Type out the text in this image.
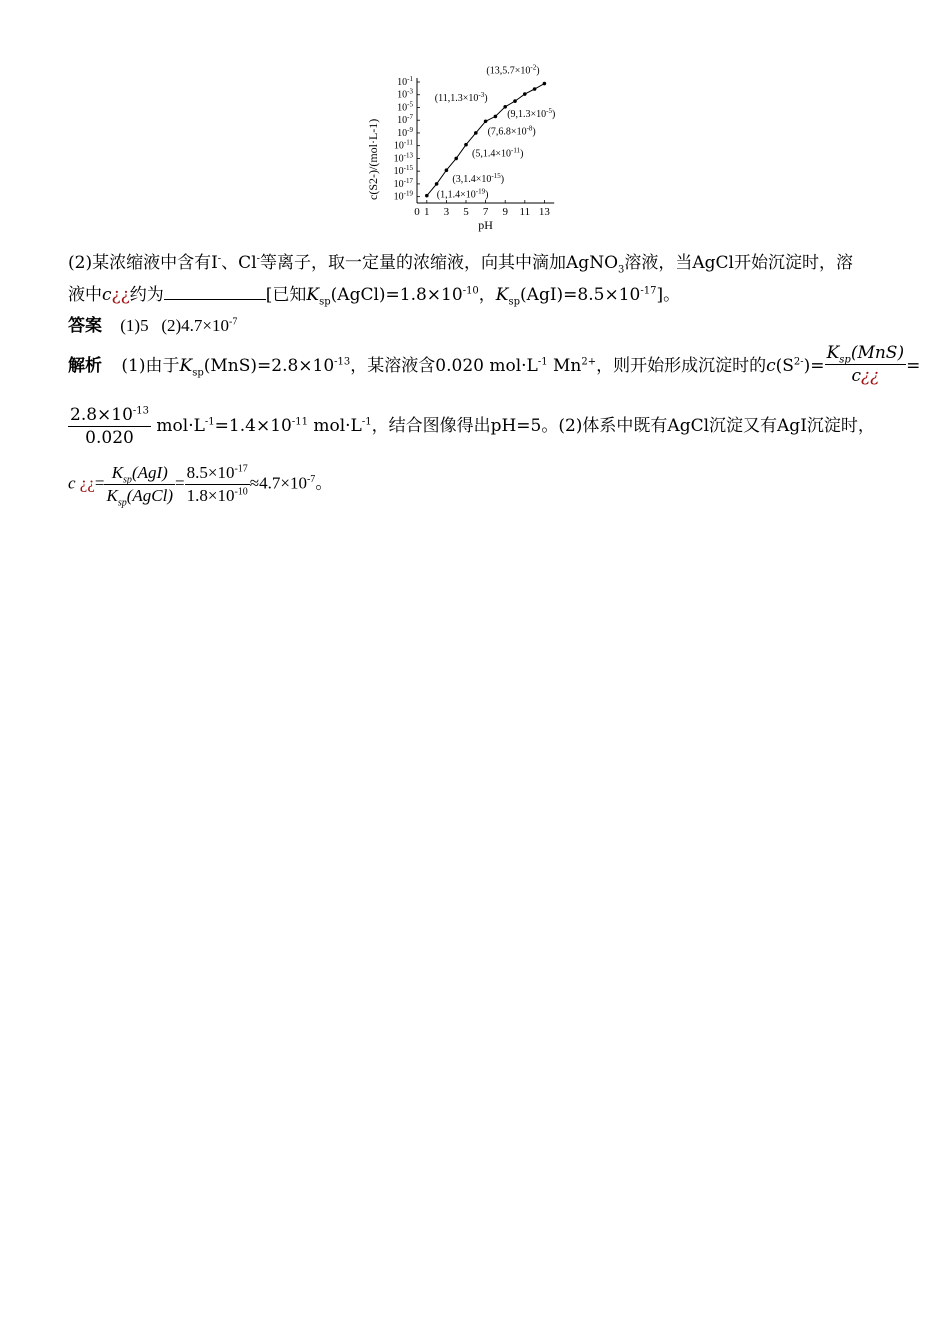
$10^{-1}$
$10^{-3}$
$10^{-5}$
$10^{-7}$
$10^{-9}$
$10^{-11}$
$10^{-13}$
$10^{-15}$
$10^{-17}$
$10^{-19}$
0 1 3 5 7 9 11 13
$(13,5.7\times 10^{-2})$
$(11,1.3\times 10^{-3})$
$(9,1.3\times 10^{-5})$
$(7,6.8\times 10^{-8})$
$(5,1.4\times 10^{-11})$
$(3,1.4\times 10^{-15})$
$(1,1.4\times 10^{-19})$
c(S2-)/(mol·L-1)
pH
(2)某浓缩液中含有I-、Cl-等离子，取一定量的浓缩液，向其中滴加AgNO$_3$溶液，当AgCl开始沉淀时，溶
液中c¿¿约为	[已知$K_{sp}(AgCl)=1.8\times 10^{-10}$，$K_{sp}(AgI)=8.5\times 10^{-17}$]。
答案 (1)5   $(2)4.7\times 10^{-7}$
解析 (1)由于$K_{sp}(MnS)=2.8\times 10^{-13}$，某溶液含0.020 $mol\cdot L^{-1}$ $Mn^{2+}$，则开始形成沉淀时的$c(S^{2-})= \frac{K_{sp}(MnS)}{c¿¿}$ =
$\frac{2.8\times 10^{-13}}{0.020} mol\cdot L^{-1}=1.4\times 10^{-11}$ $mol\cdot L^{-1}$，结合图像得出pH=5。(2)体系中既有AgCl沉淀又有AgI沉淀时，
c ¿¿= $\frac{K_{sp}(AgI)}{K_{sp}(AgCl)} = \frac{8.5\times 10^{-17}}{1.8\times 10^{-10}} \approx 4.7\times 10^{-7}$。
